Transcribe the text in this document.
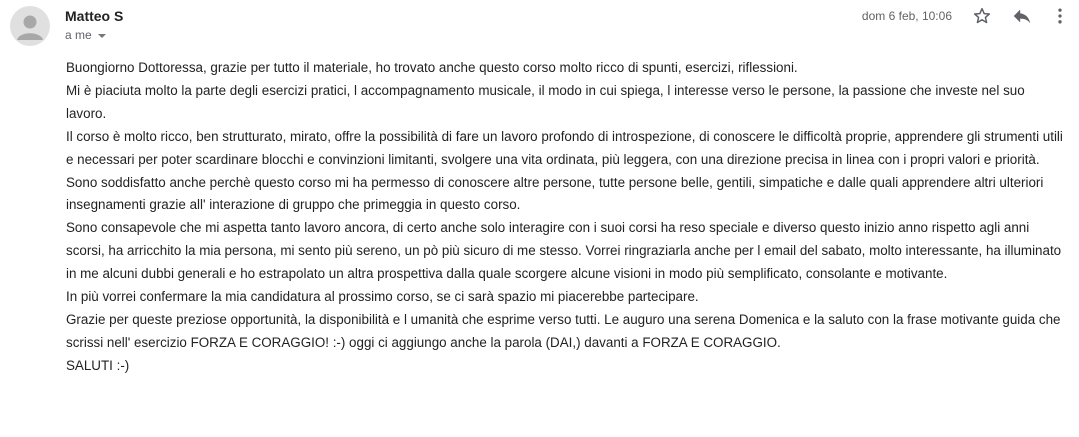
Matteo S
a me
dom 6 feb, 10:06

Buongiorno Dottoressa, grazie per tutto il materiale, ho trovato anche questo corso molto ricco di spunti, esercizi, riflessioni.

Mi è piaciuta molto la parte degli esercizi pratici, l accompagnamento musicale, il modo in cui spiega, l interesse verso le persone, la passione che investe nel suo lavoro.

Il corso è molto ricco, ben strutturato, mirato, offre la possibilità di fare un lavoro profondo di introspezione, di conoscere le difficoltà proprie, apprendere gli strumenti utili e necessari per poter scardinare blocchi e convinzioni limitanti, svolgere una vita ordinata, più leggera, con una direzione precisa in linea con i propri valori e priorità.

Sono soddisfatto anche perchè questo corso mi ha permesso di conoscere altre persone, tutte persone belle, gentili, simpatiche e dalle quali apprendere altri ulteriori insegnamenti grazie all' interazione di gruppo che primeggia in questo corso.

Sono consapevole che mi aspetta tanto lavoro ancora, di certo anche solo interagire con i suoi corsi ha reso speciale e diverso questo inizio anno rispetto agli anni scorsi, ha arricchito la mia persona, mi sento più sereno, un pò più sicuro di me stesso. Vorrei ringraziarla anche per l email del sabato, molto interessante, ha illuminato in me alcuni dubbi generali e ho estrapolato un altra prospettiva dalla quale scorgere alcune visioni in modo più semplificato, consolante e motivante.

In più vorrei confermare la mia candidatura al prossimo corso, se ci sarà spazio mi piacerebbe partecipare.

Grazie per queste preziose opportunità, la disponibilità e l umanità che esprime verso tutti. Le auguro una serena Domenica e la saluto con la frase motivante guida che scrissi nell' esercizio FORZA E CORAGGIO! :-) oggi ci aggiungo anche la parola (DAI,) davanti a FORZA E CORAGGIO.

SALUTI :-)
